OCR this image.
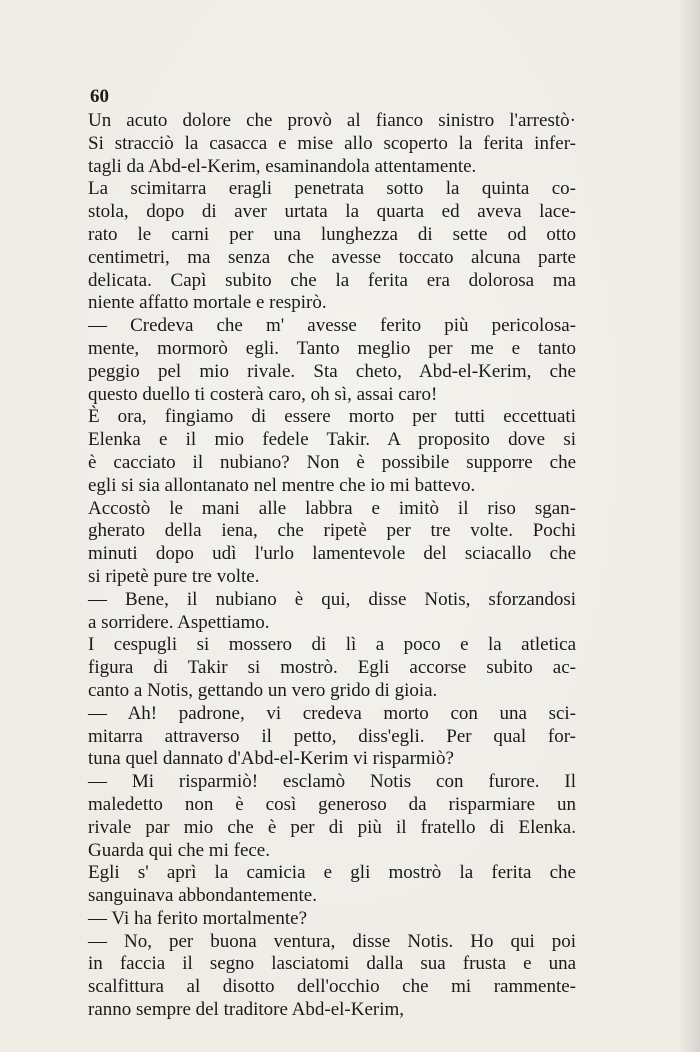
60
Un acuto dolore che provò al fianco sinistro l'arrestò·
Si stracciò la casacca e mise allo scoperto la ferita infer-
tagli da Abd-el-Kerim, esaminandola attentamente.
La scimitarra eragli penetrata sotto la quinta co-
stola, dopo di aver urtata la quarta ed aveva lace-
rato le carni per una lunghezza di sette od otto
centimetri, ma senza che avesse toccato alcuna parte
delicata. Capì subito che la ferita era dolorosa ma
niente affatto mortale e respirò.
— Credeva che m' avesse ferito più pericolosa-
mente, mormorò egli. Tanto meglio per me e tanto
peggio pel mio rivale. Sta cheto, Abd-el-Kerim, che
questo duello ti costerà caro, oh sì, assai caro!
È ora, fingiamo di essere morto per tutti eccettuati
Elenka e il mio fedele Takir. A proposito dove si
è cacciato il nubiano? Non è possibile supporre che
egli si sia allontanato nel mentre che io mi battevo.
Accostò le mani alle labbra e imitò il riso sgan-
gherato della iena, che ripetè per tre volte. Pochi
minuti dopo udì l'urlo lamentevole del sciacallo che
si ripetè pure tre volte.
— Bene, il nubiano è qui, disse Notis, sforzandosi
a sorridere. Aspettiamo.
I cespugli si mossero di lì a poco e la atletica
figura di Takir si mostrò. Egli accorse subito ac-
canto a Notis, gettando un vero grido di gioia.
— Ah! padrone, vi credeva morto con una sci-
mitarra attraverso il petto, diss'egli. Per qual for-
tuna quel dannato d'Abd-el-Kerim vi risparmiò?
— Mi risparmiò! esclamò Notis con furore. Il
maledetto non è così generoso da risparmiare un
rivale par mio che è per di più il fratello di Elenka.
Guarda qui che mi fece.
Egli s' aprì la camicia e gli mostrò la ferita che
sanguinava abbondantemente.
— Vi ha ferito mortalmente?
— No, per buona ventura, disse Notis. Ho qui poi
in faccia il segno lasciatomi dalla sua frusta e una
scalfittura al disotto dell'occhio che mi rammente-
ranno sempre del traditore Abd-el-Kerim,
